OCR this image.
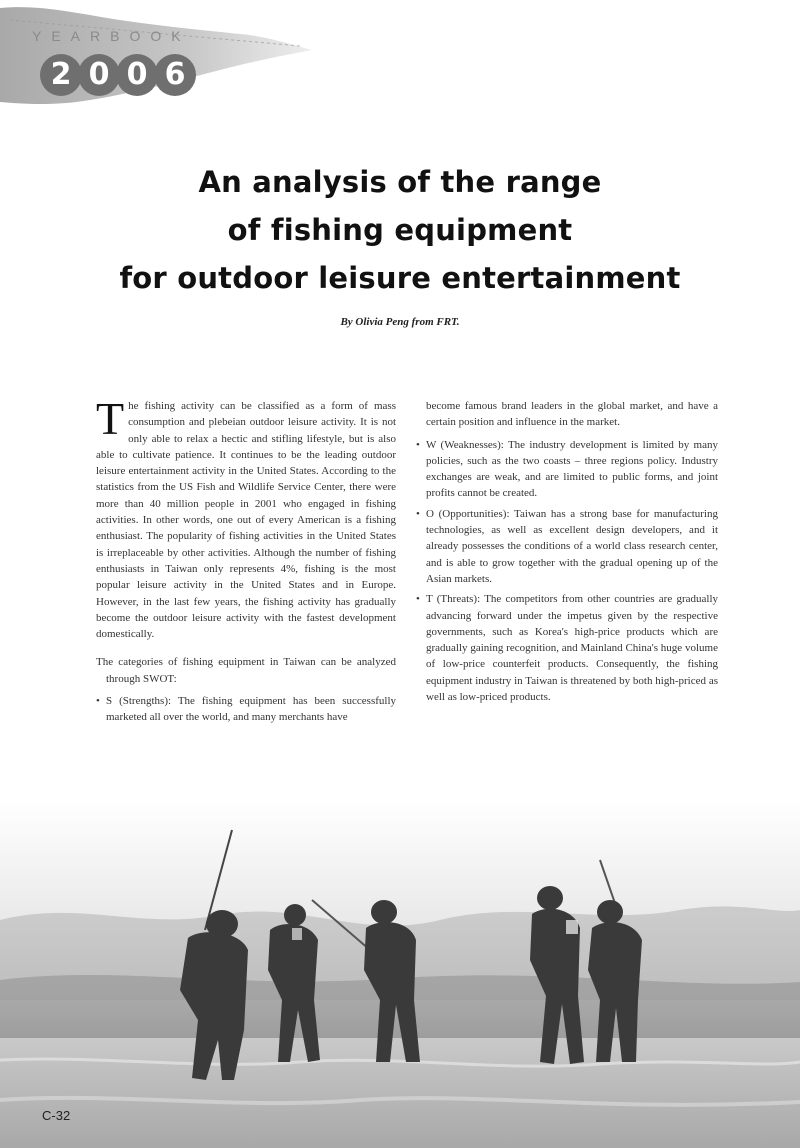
YEARBOOK
2 0 0 6
An analysis of the range
of fishing equipment
for outdoor leisure entertainment
By Olivia Peng from FRT.

The fishing activity can be classified as a form of mass consumption and plebeian outdoor leisure activity. It is not only able to relax a hectic and stifling lifestyle, but is also able to cultivate patience. It continues to be the leading outdoor leisure entertainment activity in the United States. According to the statistics from the US Fish and Wildlife Service Center, there were more than 40 million people in 2001 who engaged in fishing activities. In other words, one out of every American is a fishing enthusiast. The popularity of fishing activities in the United States is irreplaceable by other activities. Although the number of fishing enthusiasts in Taiwan only represents 4%, fishing is the most popular leisure activity in the United States and in Europe. However, in the last few years, the fishing activity has gradually become the outdoor leisure activity with the fastest development domestically.

The categories of fishing equipment in Taiwan can be analyzed through SWOT:

• S (Strengths): The fishing equipment has been successfully marketed all over the world, and many merchants have

become famous brand leaders in the global market, and have a certain position and influence in the market.

• W (Weaknesses): The industry development is limited by many policies, such as the two coasts – three regions policy. Industry exchanges are weak, and are limited to public forms, and joint profits cannot be created.

• O (Opportunities): Taiwan has a strong base for manufacturing technologies, as well as excellent design developers, and it already possesses the conditions of a world class research center, and is able to grow together with the gradual opening up of the Asian markets.

• T (Threats): The competitors from other countries are gradually advancing forward under the impetus given by the respective governments, such as Korea's high-price products which are gradually gaining recognition, and Mainland China's huge volume of low-price counterfeit products. Consequently, the fishing equipment industry in Taiwan is threatened by both high-priced as well as low-priced products.

C-32
